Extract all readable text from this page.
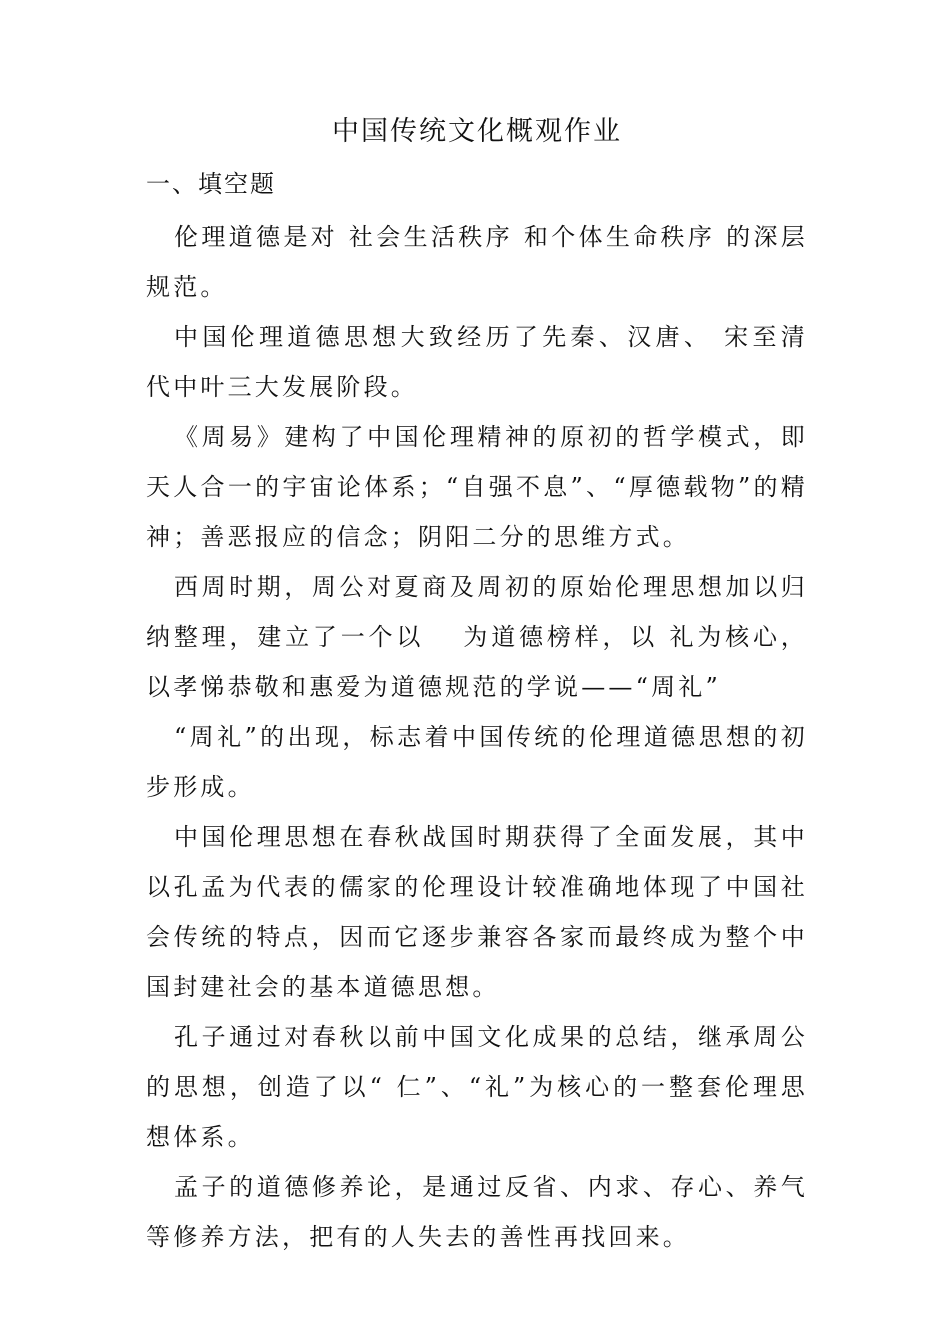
中国传统文化概观作业
一、填空题

伦理道德是对 社会生活秩序 和个体生命秩序 的深层规范。

中国伦理道德思想大致经历了先秦、汉唐、 宋至清代中叶三大发展阶段。

《周易》建构了中国伦理精神的原初的哲学模式，即 天人合一的宇宙论体系；“自强不息”、“厚德载物”的精神；善恶报应的信念；阴阳二分的思维方式。

西周时期，周公对夏商及周初的原始伦理思想加以归纳整理，建立了一个以　 为道德榜样，以 礼为核心，以孝悌恭敬和惠爱为道德规范的学说——“周礼”

“周礼”的出现，标志着中国传统的伦理道德思想的初步形成。

中国伦理思想在春秋战国时期获得了全面发展，其中以孔孟为代表的儒家的伦理设计较准确地体现了中国社会传统的特点，因而它逐步兼容各家而最终成为整个中国封建社会的基本道德思想。

孔子通过对春秋以前中国文化成果的总结，继承周公的思想，创造了以“ 仁”、“礼”为核心的一整套伦理思想体系。

孟子的道德修养论，是通过反省、内求、存心、养气等修养方法，把有的人失去的善性再找回来。
